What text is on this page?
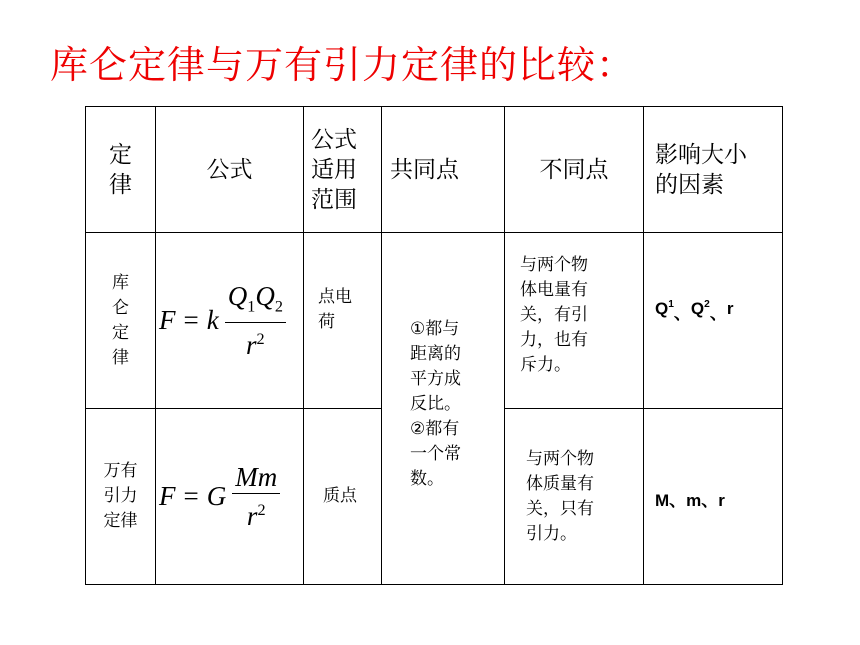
库仑定律与万有引力定律的比较：
定
律
公式
公式
适用
范围
共同点	不同点
影响大小
的因素
库
仑
定
律
F = k $\frac{Q_1Q_2}{r^2}$ 点电
荷
与两个物
体电量有
关，有引
力，也有
斥力。
$Q^1$ 、 $Q^2$ 、 r
①都与
距离的
平方成
反比。
②都有
一个常
数。
万有
引力
定律
F = G $\frac{Mm}{r^2}$	质点
与两个物
体质量有
关，只有
引力。
M、m、r
